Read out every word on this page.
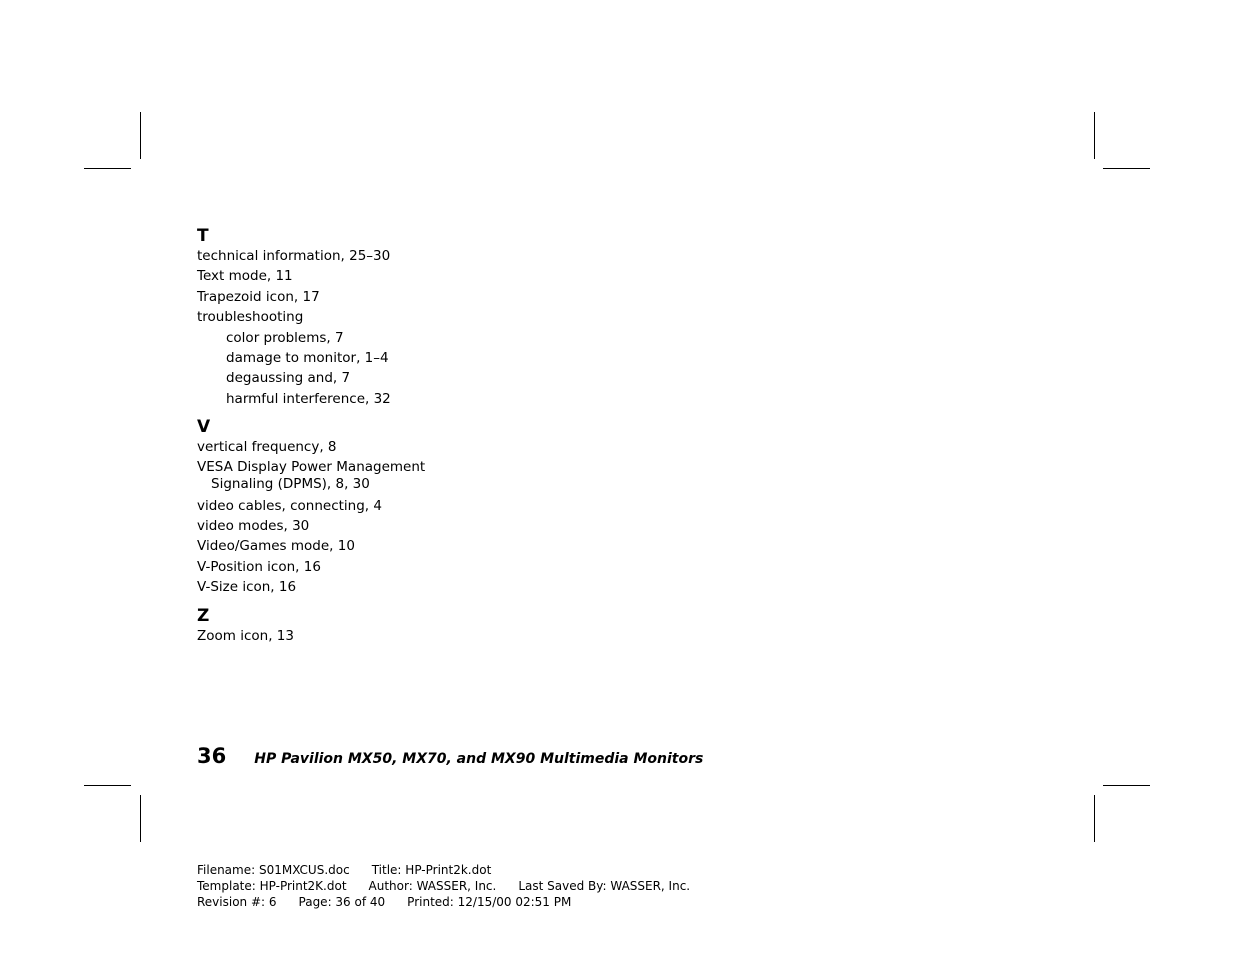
T
technical information, 25–30
Text mode, 11
Trapezoid icon, 17
troubleshooting
color problems, 7
damage to monitor, 1–4
degaussing and, 7
harmful interference, 32
V
vertical frequency, 8
VESA Display Power Management
Signaling (DPMS), 8, 30
video cables, connecting, 4
video modes, 30
Video/Games mode, 10
V-Position icon, 16
V-Size icon, 16
Z
Zoom icon, 13
36 HP Pavilion MX50, MX70, and MX90 Multimedia Monitors
Filename: S01MXCUS.doc Title: HP-Print2k.dot
Template: HP-Print2K.dot Author: WASSER, Inc. Last Saved By: WASSER, Inc.
Revision #: 6 Page: 36 of 40 Printed: 12/15/00 02:51 PM
